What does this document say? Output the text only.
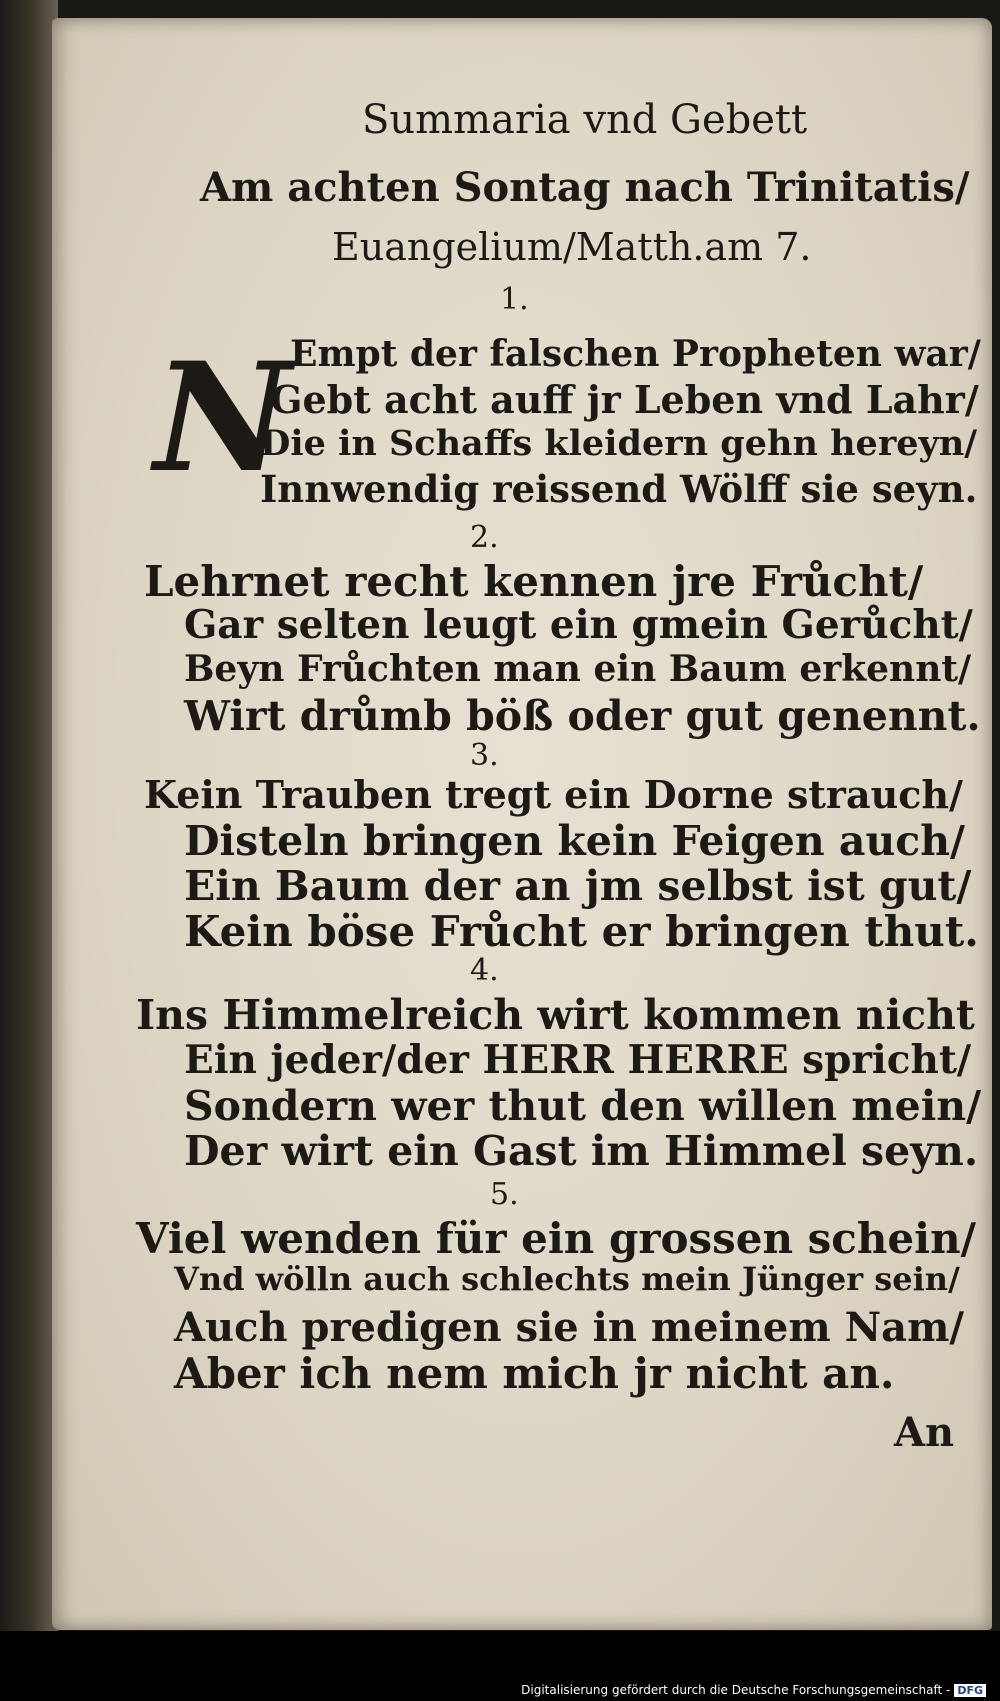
Summaria vnd Gebett
Am achten Sontag nach Trinitatis/
Euangelium/Matth.am 7.
1.
N
Empt der falschen Propheten war/
Gebt acht auff jr Leben vnd Lahr/
Die in Schaffs kleidern gehn hereyn/
Innwendig reissend Wölff sie seyn.
2.
Lehrnet recht kennen jre Frůcht/
Gar selten leugt ein gmein Gerůcht/
Beyn Frůchten man ein Baum erkennt/
Wirt drůmb böß oder gut genennt.
3.
Kein Trauben tregt ein Dorne strauch/
Disteln bringen kein Feigen auch/
Ein Baum der an jm selbst ist gut/
Kein böse Frůcht er bringen thut.
4.
Ins Himmelreich wirt kommen nicht
Ein jeder/der HERR HERRE spricht/
Sondern wer thut den willen mein/
Der wirt ein Gast im Himmel seyn.
5.
Viel wenden für ein grossen schein/
Vnd wölln auch schlechts mein Jünger sein/
Auch predigen sie in meinem Nam/
Aber ich nem mich jr nicht an.
An
Digitalisierung gefördert durch die Deutsche Forschungsgemeinschaft - DFG
